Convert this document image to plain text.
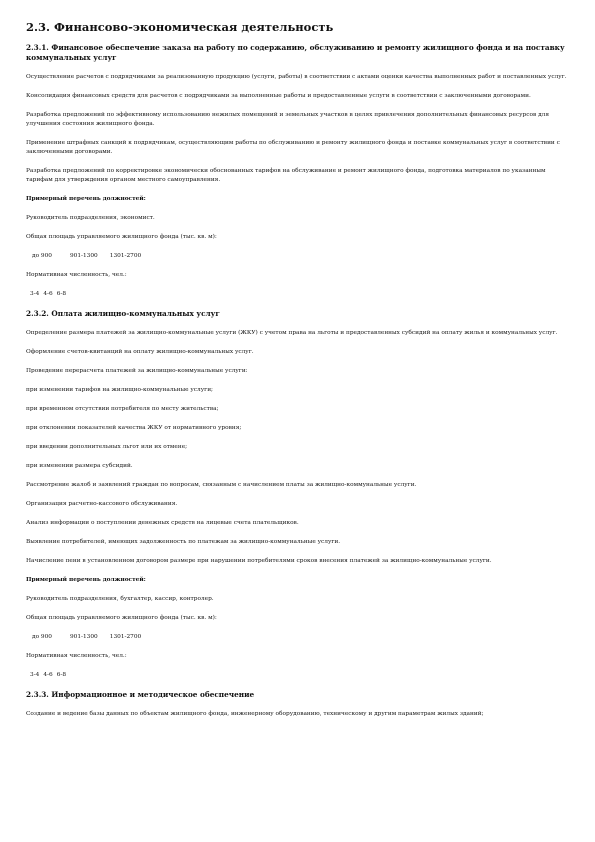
2.3. Финансово-экономическая деятельность
2.3.1. Финансовое обеспечение заказа на работу по содержанию, обслуживанию и ремонту жилищного фонда и на поставку коммунальных услуг
Осуществление расчетов с подрядчиками за реализованную продукцию (услуги, работы) в соответствии с актами оценки качества выполненных работ и поставленных услуг.
Консолидация финансовых средств для расчетов с подрядчиками за выполненные работы и предоставленные услуги в соответствии с заключенными договорами.
Разработка предложений по эффективному использованию нежилых помещений и земельных участков в целях привлечения дополнительных финансовых ресурсов для улучшения состояния жилищного фонда.
Применение штрафных санкций к подрядчикам, осуществляющим работы по обслуживанию и ремонту жилищного фонда и поставке коммунальных услуг в соответствии с заключенными договорами.
Разработка предложений по корректировке экономически обоснованных тарифов на обслуживание и ремонт жилищного фонда, подготовка материалов по указанным тарифам для утверждения органом местного самоуправления.
Примерный перечень должностей:
Руководитель подразделения, экономист.
Общая площадь управляемого жилищного фонда (тыс. кв. м):
до 900	901-1300 1301-2700
Нормативная численность, чел.:
3-4 4-6 6-8
2.3.2. Оплата жилищно-коммунальных услуг
Определение размера платежей за жилищно-коммунальные услуги (ЖКУ) с учетом права на льготы и предоставленных субсидий на оплату жилья и коммунальных услуг.
Оформление счетов-квитанций на оплату жилищно-коммунальных услуг.
Проведение перерасчета платежей за жилищно-коммунальные услуги:
при изменении тарифов на жилищно-коммунальные услуги;
при временном отсутствии потребителя по месту жительства;
при отклонении показателей качества ЖКУ от нормативного уровня;
при введении дополнительных льгот или их отмене;
при изменении размера субсидий.
Рассмотрение жалоб и заявлений граждан по вопросам, связанным с начислением платы за жилищно-коммунальные услуги.
Организация расчетно-кассового обслуживания.
Анализ информации о поступлении денежных средств на лицевые счета плательщиков.
Выявление потребителей, имеющих задолженность по платежам за жилищно-коммунальные услуги.
Начисление пени в установленном договором размере при нарушении потребителями сроков внесения платежей за жилищно-коммунальные услуги.
Примерный перечень должностей:
Руководитель подразделения, бухгалтер, кассир, контролер.
Общая площадь управляемого жилищного фонда (тыс. кв. м):
до 900	901-1300 1301-2700
Нормативная численность, чел.:
3-4 4-6 6-8
2.3.3. Информационное и методическое обеспечение
Создание и ведение базы данных по объектам жилищного фонда, инженерному оборудованию, техническому и другим параметрам жилых зданий;
